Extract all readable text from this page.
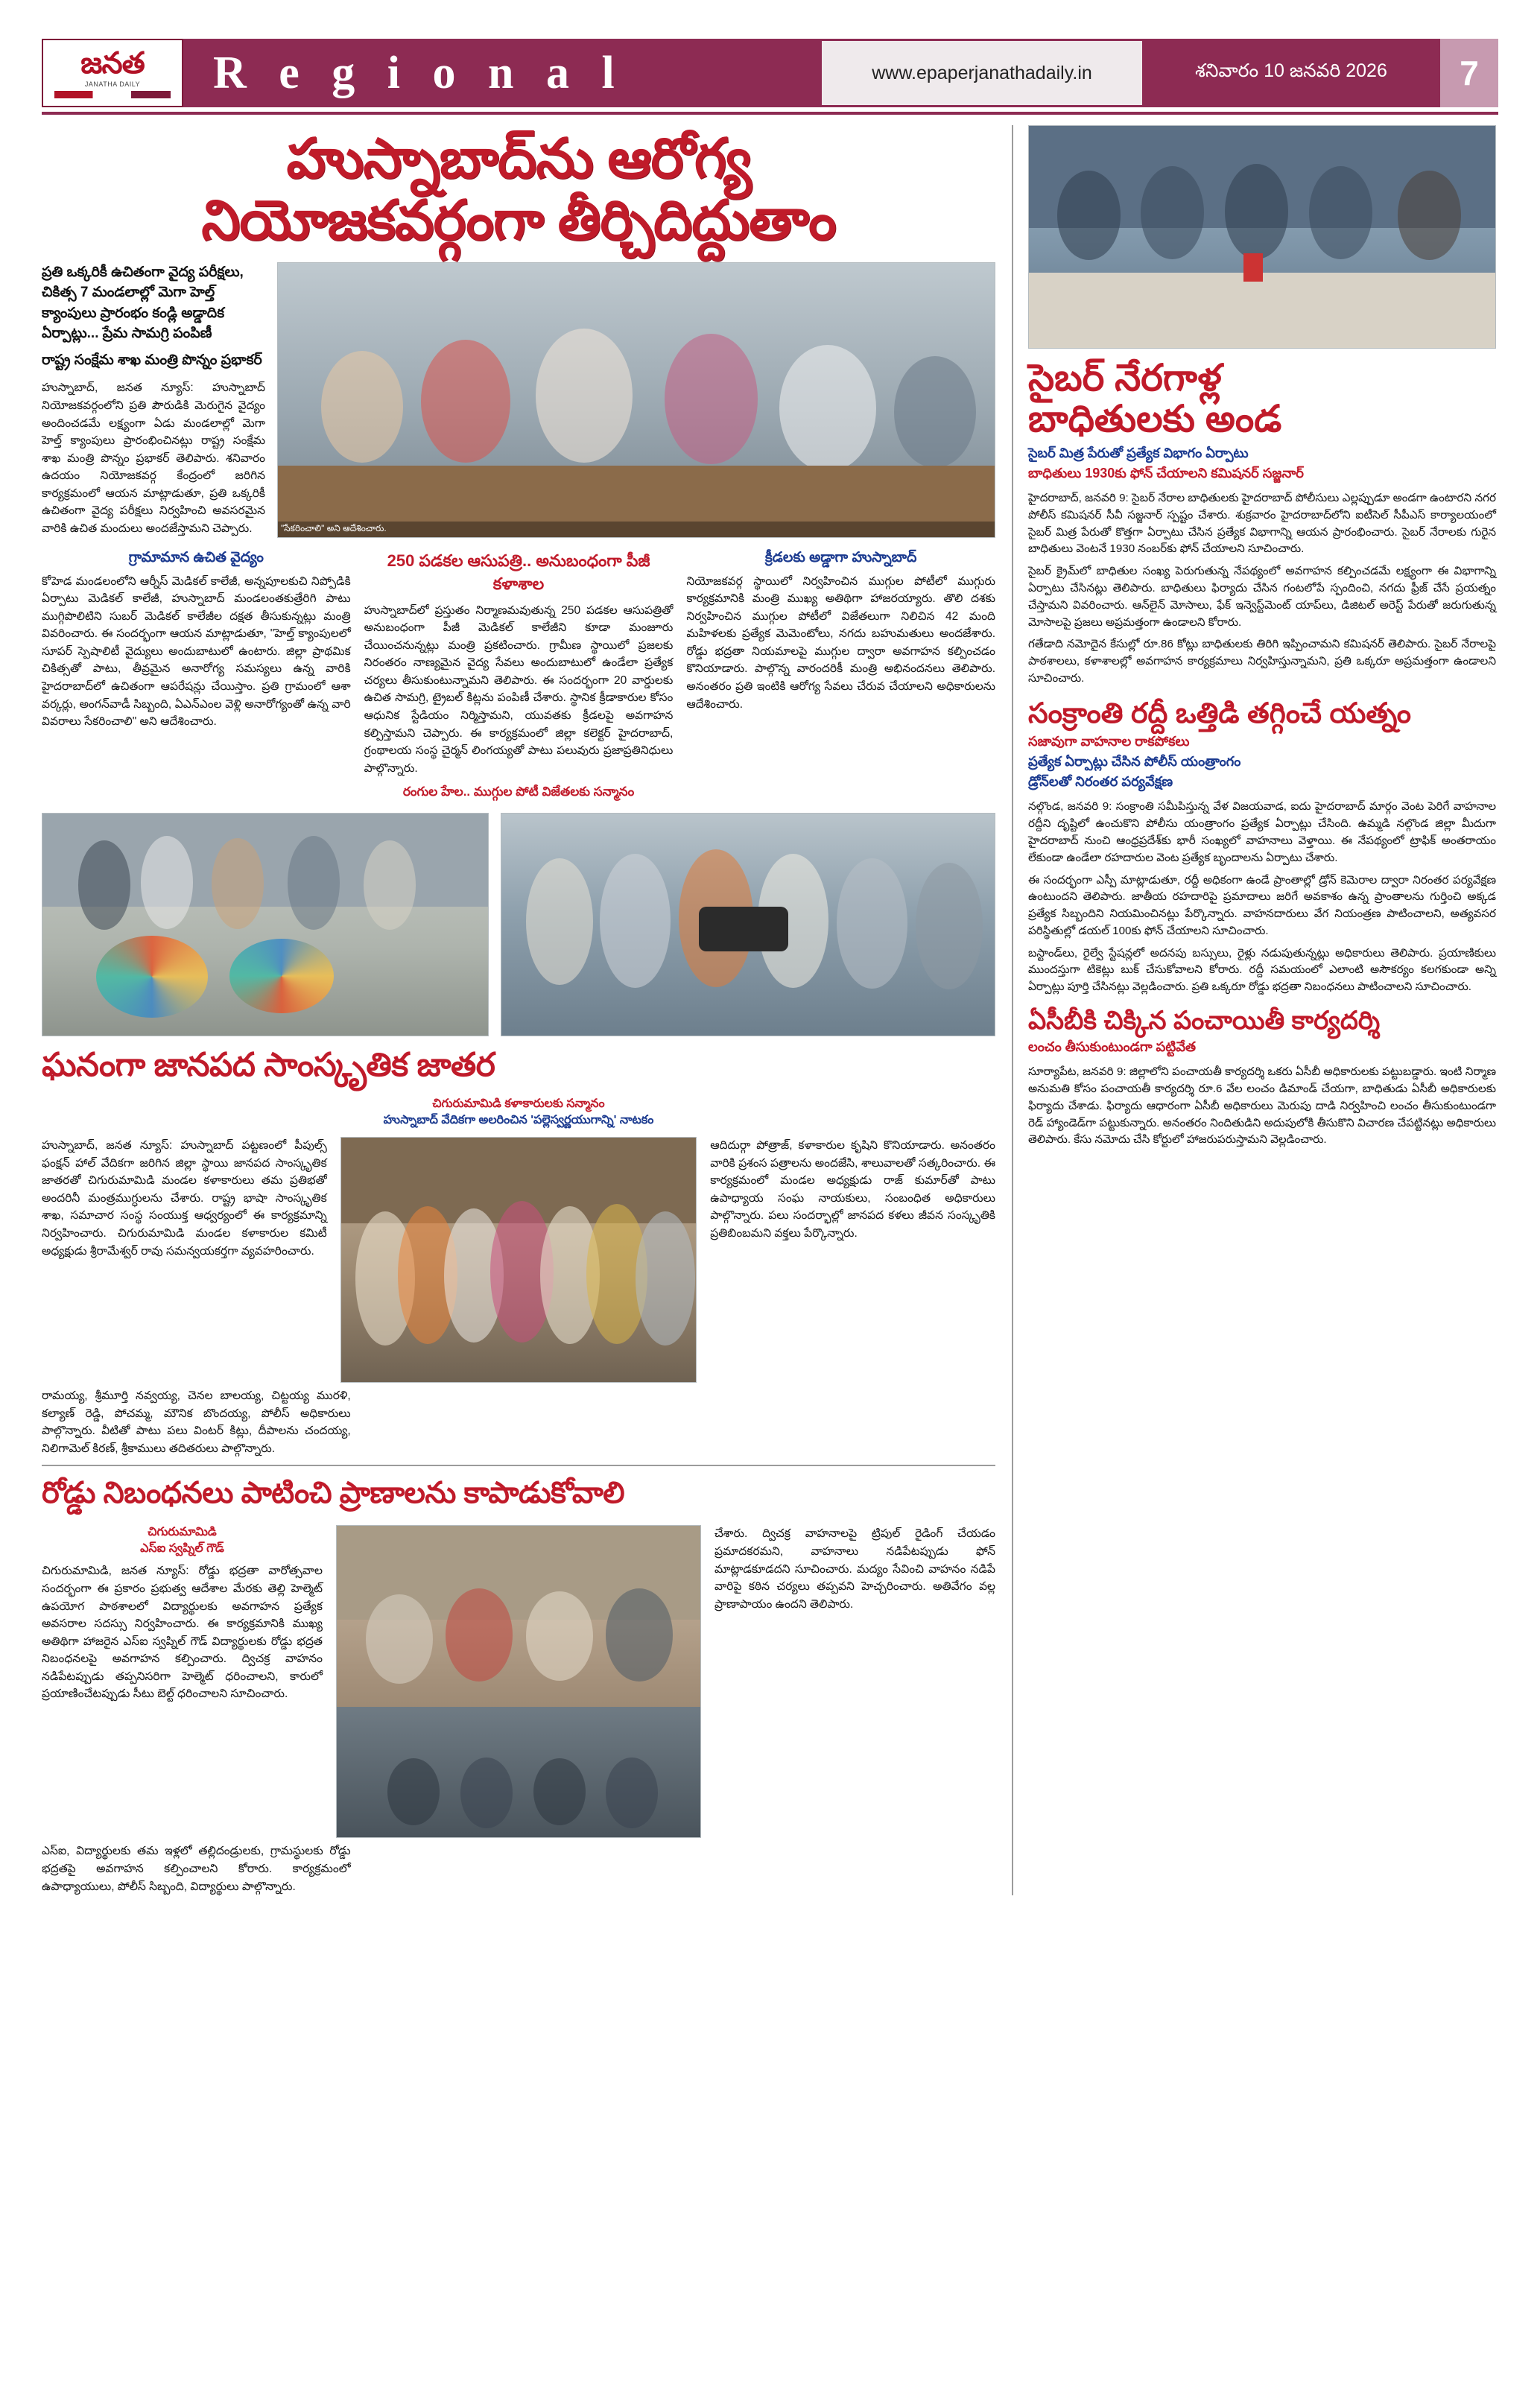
జనత
JANATHA DAILY R e g i o n a l	www.epaperjanathadaily.in	శనివారం 10 జనవరి 2026 7
హుస్నాబాద్‌ను ఆరోగ్య
నియోజకవర్గంగా తీర్చిదిద్దుతాం
ప్రతి ఒక్కరికీ ఉచితంగా వైద్య పరీక్షలు, చికిత్స 7 మండలాల్లో మెగా హెల్త్ క్యాంపులు ప్రారంభం కండ్లి అడ్డాదిక ఏర్పాట్లు... ప్రేమ సామగ్రి పంపిణీ
రాష్ట్ర సంక్షేమ శాఖ మంత్రి పొన్నం ప్రభాకర్
హుస్నాబాద్, జనత న్యూస్: హుస్నాబాద్ నియోజకవర్గంలోని ప్రతి పౌరుడికి మెరుగైన వైద్యం అందించడమే లక్ష్యంగా ఏడు మండలాల్లో మెగా హెల్త్ క్యాంపులు ప్రారంభించినట్లు రాష్ట్ర సంక్షేమ శాఖ మంత్రి పొన్నం ప్రభాకర్ తెలిపారు. శనివారం ఉదయం నియోజకవర్గ కేంద్రంలో జరిగిన కార్యక్రమంలో ఆయన మాట్లాడుతూ, ప్రతి ఒక్కరికీ ఉచితంగా వైద్య పరీక్షలు నిర్వహించి అవసరమైన వారికి ఉచిత మందులు అందజేస్తామని చెప్పారు.	"సేకరించాలి" అని ఆదేశించారు.
గ్రామామాన ఉచిత వైద్యం
కోహెడ మండలంలోని ఆర్నీస్ మెడికల్ కాలేజీ, అన్నపూలకుచి నిప్పోడికి ఏర్పాటు మెడికల్ కాలేజీ, హుస్నాబాద్ మండలంతకుత్రేరిగి పాటు ముగ్గిపొలిటిని సుబర్ మెడికల్ కాలేజీల దక్షత తీసుకున్నట్లు మంత్రి వివరించారు. ఈ సందర్భంగా ఆయన మాట్లాడుతూ, "హెల్త్ క్యాంపులలో సూపర్ స్పెషాలిటీ వైద్యులు అందుబాటులో ఉంటారు. జిల్లా ప్రాథమిక చికిత్సతో పాటు, తీవ్రమైన అనారోగ్య సమస్యలు ఉన్న వారికి హైదరాబాద్‌లో ఉచితంగా ఆపరేషన్లు చేయిస్తాం. ప్రతి గ్రామంలో ఆశా వర్కర్లు, అంగన్‌వాడీ సిబ్బంది, ఏఎన్‌ఎంల వెళ్లి అనారోగ్యంతో ఉన్న వారి వివరాలు సేకరించాలి" అని ఆదేశించారు.
250 పడకల ఆసుపత్రి.. అనుబంధంగా పీజీ కళాశాల
హుస్నాబాద్‌లో ప్రస్తుతం నిర్మాణమవుతున్న 250 పడకల ఆసుపత్రితో అనుబంధంగా పీజీ మెడికల్ కాలేజీని కూడా మంజూరు చేయించనున్నట్లు మంత్రి ప్రకటించారు. గ్రామీణ స్థాయిలో ప్రజలకు నిరంతరం నాణ్యమైన వైద్య సేవలు అందుబాటులో ఉండేలా ప్రత్యేక చర్యలు తీసుకుంటున్నామని తెలిపారు. ఈ సందర్భంగా 20 వార్డులకు ఉచిత సామగ్రి, ట్రైబల్ కిట్లను పంపిణీ చేశారు. స్థానిక క్రీడాకారుల కోసం ఆధునిక స్టేడియం నిర్మిస్తామని, యువతకు క్రీడలపై అవగాహన కల్పిస్తామని చెప్పారు. ఈ కార్యక్రమంలో జిల్లా కలెక్టర్ హైదరాబాద్, గ్రంథాలయ సంస్థ చైర్మన్ లింగయ్యతో పాటు పలువురు ప్రజాప్రతినిధులు పాల్గొన్నారు.
రంగుల హేల.. ముగ్గుల పోటీ విజేతలకు సన్మానం
క్రీడలకు అడ్డాగా హుస్నాబాద్
నియోజకవర్గ స్థాయిలో నిర్వహించిన ముగ్గుల పోటీలో ముగ్గురు కార్యక్రమానికి మంత్రి ముఖ్య అతిథిగా హాజరయ్యారు. తొలి దశకు నిర్వహించిన ముగ్గుల పోటీలో విజేతలుగా నిలిచిన 42 మంది మహిళలకు ప్రత్యేక మెమెంటోలు, నగదు బహుమతులు అందజేశారు. రోడ్డు భద్రతా నియమాలపై ముగ్గుల ద్వారా అవగాహన కల్పించడం కొనియాడారు. పాల్గొన్న వారందరికీ మంత్రి అభినందనలు తెలిపారు. అనంతరం ప్రతి ఇంటికి ఆరోగ్య సేవలు చేరువ చేయాలని అధికారులను ఆదేశించారు.
ఘనంగా జానపద సాంస్కృతిక జాతర
చిగురుమామిడి కళాకారులకు సన్మానం
హుస్నాబాద్ వేదికగా అలరించిన 'పల్లెస్వర్ణయుగాన్ని' నాటకం
హుస్నాబాద్, జనత న్యూస్: హుస్నాబాద్ పట్టణంలో పీపుల్స్ ఫంక్షన్ హాల్ వేదికగా జరిగిన జిల్లా స్థాయి జానపద సాంస్కృతిక జాతరతో చిగురుమామిడి మండల కళాకారులు తమ ప్రతిభతో అందరినీ మంత్రముగ్ధులను చేశారు. రాష్ట్ర భాషా సాంస్కృతిక శాఖ, సమాచార సంస్థ సంయుక్త ఆధ్వర్యంలో ఈ కార్యక్రమాన్ని నిర్వహించారు. చిగురుమామిడి మండల కళాకారుల కమిటీ అధ్యక్షుడు శ్రీరామేశ్వర్ రావు సమన్వయకర్తగా వ్యవహరించారు.
ఆదిదుర్గా పోత్రాజ్, కళాకారుల కృషిని కొనియాడారు. అనంతరం వారికి ప్రశంస పత్రాలను అందజేసి, శాలువాలతో సత్కరించారు. ఈ కార్యక్రమంలో మండల అధ్యక్షుడు రాజ్ కుమార్‌తో పాటు ఉపాధ్యాయ సంఘ నాయకులు, సంబంధిత అధికారులు పాల్గొన్నారు. పలు సందర్భాల్లో జానపద కళలు జీవన సంస్కృతికి ప్రతిబింబమని వక్తలు పేర్కొన్నారు.
రామయ్య, శ్రీమూర్తి నవ్వయ్య, చెనల బాలయ్య, చిట్టయ్య మురళి, కల్యాణ్ రెడ్డి, పోచమ్మ, మౌనిక బొందయ్య, పోలీస్ అధికారులు పాల్గొన్నారు. వీటితో పాటు పలు వింటర్ కిట్లు, దీపాలను చందయ్య, నిలిగామెల్ కిరణ్, శ్రీకాములు తదితరులు పాల్గొన్నారు.
రోడ్డు నిబంధనలు పాటించి ప్రాణాలను కాపాడుకోవాలి
చిగురుమామిడి
ఎస్ఐ స్వప్నిల్ గౌడ్
చిగురుమామిడి, జనత న్యూస్: రోడ్డు భద్రతా వారోత్సవాల సందర్భంగా ఈ ప్రకారం ప్రభుత్వ ఆదేశాల మేరకు తెల్లి హెల్మెట్ ఉపయోగ పాఠశాలలో విద్యార్థులకు అవగాహన ప్రత్యేక అవసరాల సదస్సు నిర్వహించారు. ఈ కార్యక్రమానికి ముఖ్య అతిథిగా హాజరైన ఎస్ఐ స్వప్నిల్ గౌడ్ విద్యార్థులకు రోడ్డు భద్రత నిబంధనలపై అవగాహన కల్పించారు. ద్విచక్ర వాహనం నడిపేటప్పుడు తప్పనిసరిగా హెల్మెట్ ధరించాలని, కారులో ప్రయాణించేటప్పుడు సీటు బెల్ట్ ధరించాలని సూచించారు.
చేశారు. ద్విచక్ర వాహనాలపై ట్రిపుల్ రైడింగ్ చేయడం ప్రమాదకరమని, వాహనాలు నడిపేటప్పుడు ఫోన్ మాట్లాడకూడదని సూచించారు. మద్యం సేవించి వాహనం నడిపే వారిపై కఠిన చర్యలు తప్పవని హెచ్చరించారు. అతివేగం వల్ల ప్రాణాపాయం ఉందని తెలిపారు.
ఎస్ఐ, విద్యార్థులకు తమ ఇళ్లలో తల్లిదండ్రులకు, గ్రామస్థులకు రోడ్డు భద్రతపై అవగాహన కల్పించాలని కోరారు. కార్యక్రమంలో ఉపాధ్యాయులు, పోలీస్ సిబ్బంది, విద్యార్థులు పాల్గొన్నారు.
సైబర్ నేరగాళ్ల
బాధితులకు అండ
సైబర్ మిత్ర పేరుతో ప్రత్యేక విభాగం ఏర్పాటు
బాధితులు 1930కు ఫోన్ చేయాలని కమిషనర్ సజ్జనార్

హైదరాబాద్, జనవరి 9: సైబర్ నేరాల బాధితులకు హైదరాబాద్ పోలీసులు ఎల్లప్పుడూ అండగా ఉంటారని నగర పోలీస్ కమిషనర్ సీవీ సజ్జనార్ స్పష్టం చేశారు. శుక్రవారం హైదరాబాద్‌లోని ఐటీసెల్ సీపీఎస్ కార్యాలయంలో సైబర్ మిత్ర పేరుతో కొత్తగా ఏర్పాటు చేసిన ప్రత్యేక విభాగాన్ని ఆయన ప్రారంభించారు. సైబర్ నేరాలకు గురైన బాధితులు వెంటనే 1930 నంబర్‌కు ఫోన్ చేయాలని సూచించారు.

సైబర్ క్రైమ్‌లో బాధితుల సంఖ్య పెరుగుతున్న నేపథ్యంలో అవగాహన కల్పించడమే లక్ష్యంగా ఈ విభాగాన్ని ఏర్పాటు చేసినట్లు తెలిపారు. బాధితులు ఫిర్యాదు చేసిన గంటలోపే స్పందించి, నగదు ఫ్రీజ్ చేసే ప్రయత్నం చేస్తామని వివరించారు. ఆన్‌లైన్ మోసాలు, ఫేక్ ఇన్వెస్ట్‌మెంట్ యాప్‌లు, డిజిటల్ అరెస్ట్ పేరుతో జరుగుతున్న మోసాలపై ప్రజలు అప్రమత్తంగా ఉండాలని కోరారు.

గతేడాది నమోదైన కేసుల్లో రూ.86 కోట్లు బాధితులకు తిరిగి ఇప్పించామని కమిషనర్ తెలిపారు. సైబర్ నేరాలపై పాఠశాలలు, కళాశాలల్లో అవగాహన కార్యక్రమాలు నిర్వహిస్తున్నామని, ప్రతి ఒక్కరూ అప్రమత్తంగా ఉండాలని సూచించారు.

సంక్రాంతి రద్దీ ఒత్తిడి తగ్గించే యత్నం
సజావుగా వాహనాల రాకపోకలు
ప్రత్యేక ఏర్పాట్లు చేసిన పోలీస్ యంత్రాంగం
డ్రోన్‌లతో నిరంతర పర్యవేక్షణ

నల్గొండ, జనవరి 9: సంక్రాంతి సమీపిస్తున్న వేళ విజయవాడ, ఐదు హైదరాబాద్ మార్గం వెంట పెరిగే వాహనాల రద్దీని దృష్టిలో ఉంచుకొని పోలీసు యంత్రాంగం ప్రత్యేక ఏర్పాట్లు చేసింది. ఉమ్మడి నల్గొండ జిల్లా మీదుగా హైదరాబాద్ నుంచి ఆంధ్రప్రదేశ్‌కు భారీ సంఖ్యలో వాహనాలు వెళ్తాయి. ఈ నేపథ్యంలో ట్రాఫిక్ అంతరాయం లేకుండా ఉండేలా రహదారుల వెంట ప్రత్యేక బృందాలను ఏర్పాటు చేశారు.

ఈ సందర్భంగా ఎస్పీ మాట్లాడుతూ, రద్దీ అధికంగా ఉండే ప్రాంతాల్లో డ్రోన్ కెమెరాల ద్వారా నిరంతర పర్యవేక్షణ ఉంటుందని తెలిపారు. జాతీయ రహదారిపై ప్రమాదాలు జరిగే అవకాశం ఉన్న ప్రాంతాలను గుర్తించి అక్కడ ప్రత్యేక సిబ్బందిని నియమించినట్లు పేర్కొన్నారు. వాహనదారులు వేగ నియంత్రణ పాటించాలని, అత్యవసర పరిస్థితుల్లో డయల్ 100కు ఫోన్ చేయాలని సూచించారు.

బస్టాండ్‌లు, రైల్వే స్టేషన్లలో అదనపు బస్సులు, రైళ్లు నడుపుతున్నట్లు అధికారులు తెలిపారు. ప్రయాణికులు ముందస్తుగా టికెట్లు బుక్ చేసుకోవాలని కోరారు. రద్దీ సమయంలో ఎలాంటి అసౌకర్యం కలగకుండా అన్ని ఏర్పాట్లు పూర్తి చేసినట్లు వెల్లడించారు. ప్రతి ఒక్కరూ రోడ్డు భద్రతా నిబంధనలు పాటించాలని సూచించారు.

ఏసీబీకి చిక్కిన పంచాయితీ కార్యదర్శి
లంచం తీసుకుంటుండగా పట్టివేత

సూర్యాపేట, జనవరి 9: జిల్లాలోని పంచాయతీ కార్యదర్శి ఒకరు ఏసీబీ అధికారులకు పట్టుబడ్డారు. ఇంటి నిర్మాణ అనుమతి కోసం పంచాయతీ కార్యదర్శి రూ.6 వేల లంచం డిమాండ్ చేయగా, బాధితుడు ఏసీబీ అధికారులకు ఫిర్యాదు చేశాడు. ఫిర్యాదు ఆధారంగా ఏసీబీ అధికారులు మెరుపు దాడి నిర్వహించి లంచం తీసుకుంటుండగా రెడ్ హ్యాండెడ్‌గా పట్టుకున్నారు. అనంతరం నిందితుడిని అదుపులోకి తీసుకొని విచారణ చేపట్టినట్లు అధికారులు తెలిపారు. కేసు నమోదు చేసి కోర్టులో హాజరుపరుస్తామని వెల్లడించారు.
